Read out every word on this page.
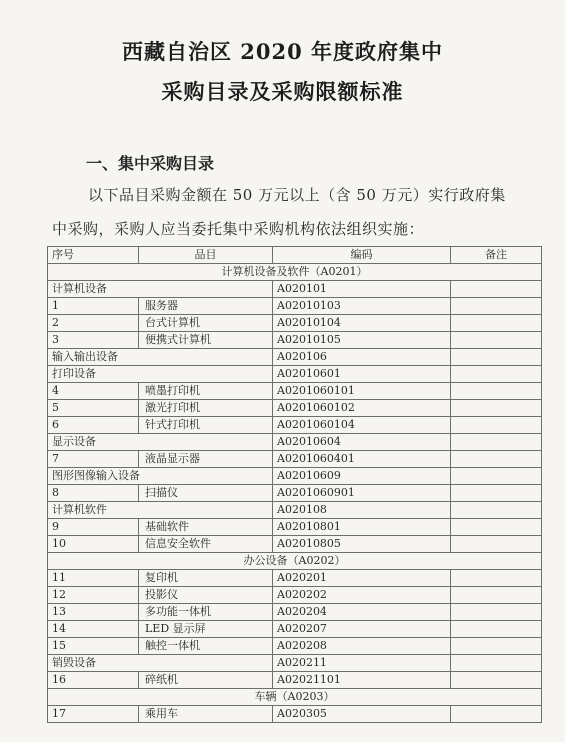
西藏自治区 2020 年度政府集中
采购目录及采购限额标准
一、集中采购目录
以下品目采购金额在 50 万元以上（含 50 万元）实行政府集
中采购，采购人应当委托集中采购机构依法组织实施：
序号	品目	编码	备注
计算机设备及软件（A0201）			
计算机设备		A020101	
1	服务器	A02010103	
2	台式计算机	A02010104	
3	便携式计算机	A02010105	
输入输出设备		A020106	
打印设备		A02010601	
4	喷墨打印机	A0201060101	
5	激光打印机	A0201060102	
6	针式打印机	A0201060104	
显示设备		A02010604	
7	液晶显示器	A0201060401	
图形图像输入设备		A02010609	
8	扫描仪	A0201060901	
计算机软件		A020108	
9	基础软件	A02010801	
10	信息安全软件	A02010805	
办公设备（A0202）			
11	复印机	A020201	
12	投影仪	A020202	
13	多功能一体机	A020204	
14	LED 显示屏	A020207	
15	触控一体机	A020208	
销毁设备		A020211	
16	碎纸机	A02021101	
车辆（A0203）			
17	乘用车	A020305	
